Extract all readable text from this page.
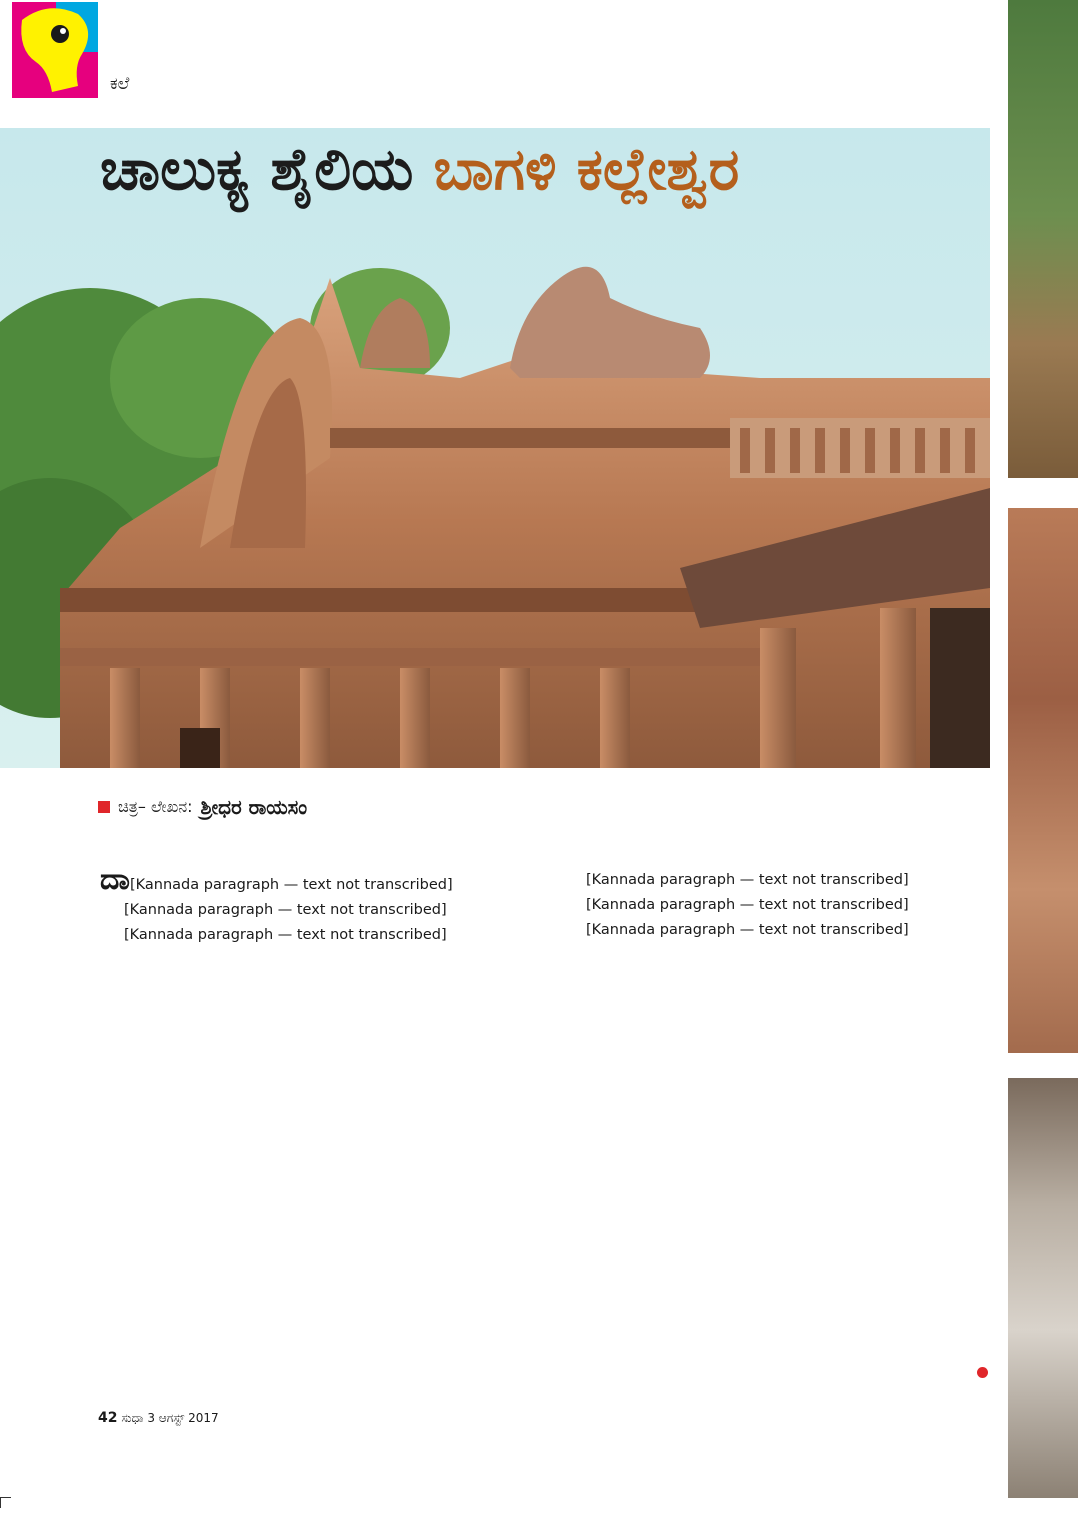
ಕಲೆ
ಚಾಲುಕ್ಯ ಶೈಲಿಯ ಬಾಗಳಿ ಕಲ್ಲೇಶ್ವರ
ಚಿತ್ರ– ಲೇಖನ: ಶ್ರೀಧರ ರಾಯಸಂ

ದಾ[Kannada paragraph — text not transcribed]

[Kannada paragraph — text not transcribed]

[Kannada paragraph — text not transcribed]

[Kannada paragraph — text not transcribed]

[Kannada paragraph — text not transcribed]

[Kannada paragraph — text not transcribed]

42 ಸುಧಾ 3 ಆಗಸ್ಟ್ 2017
